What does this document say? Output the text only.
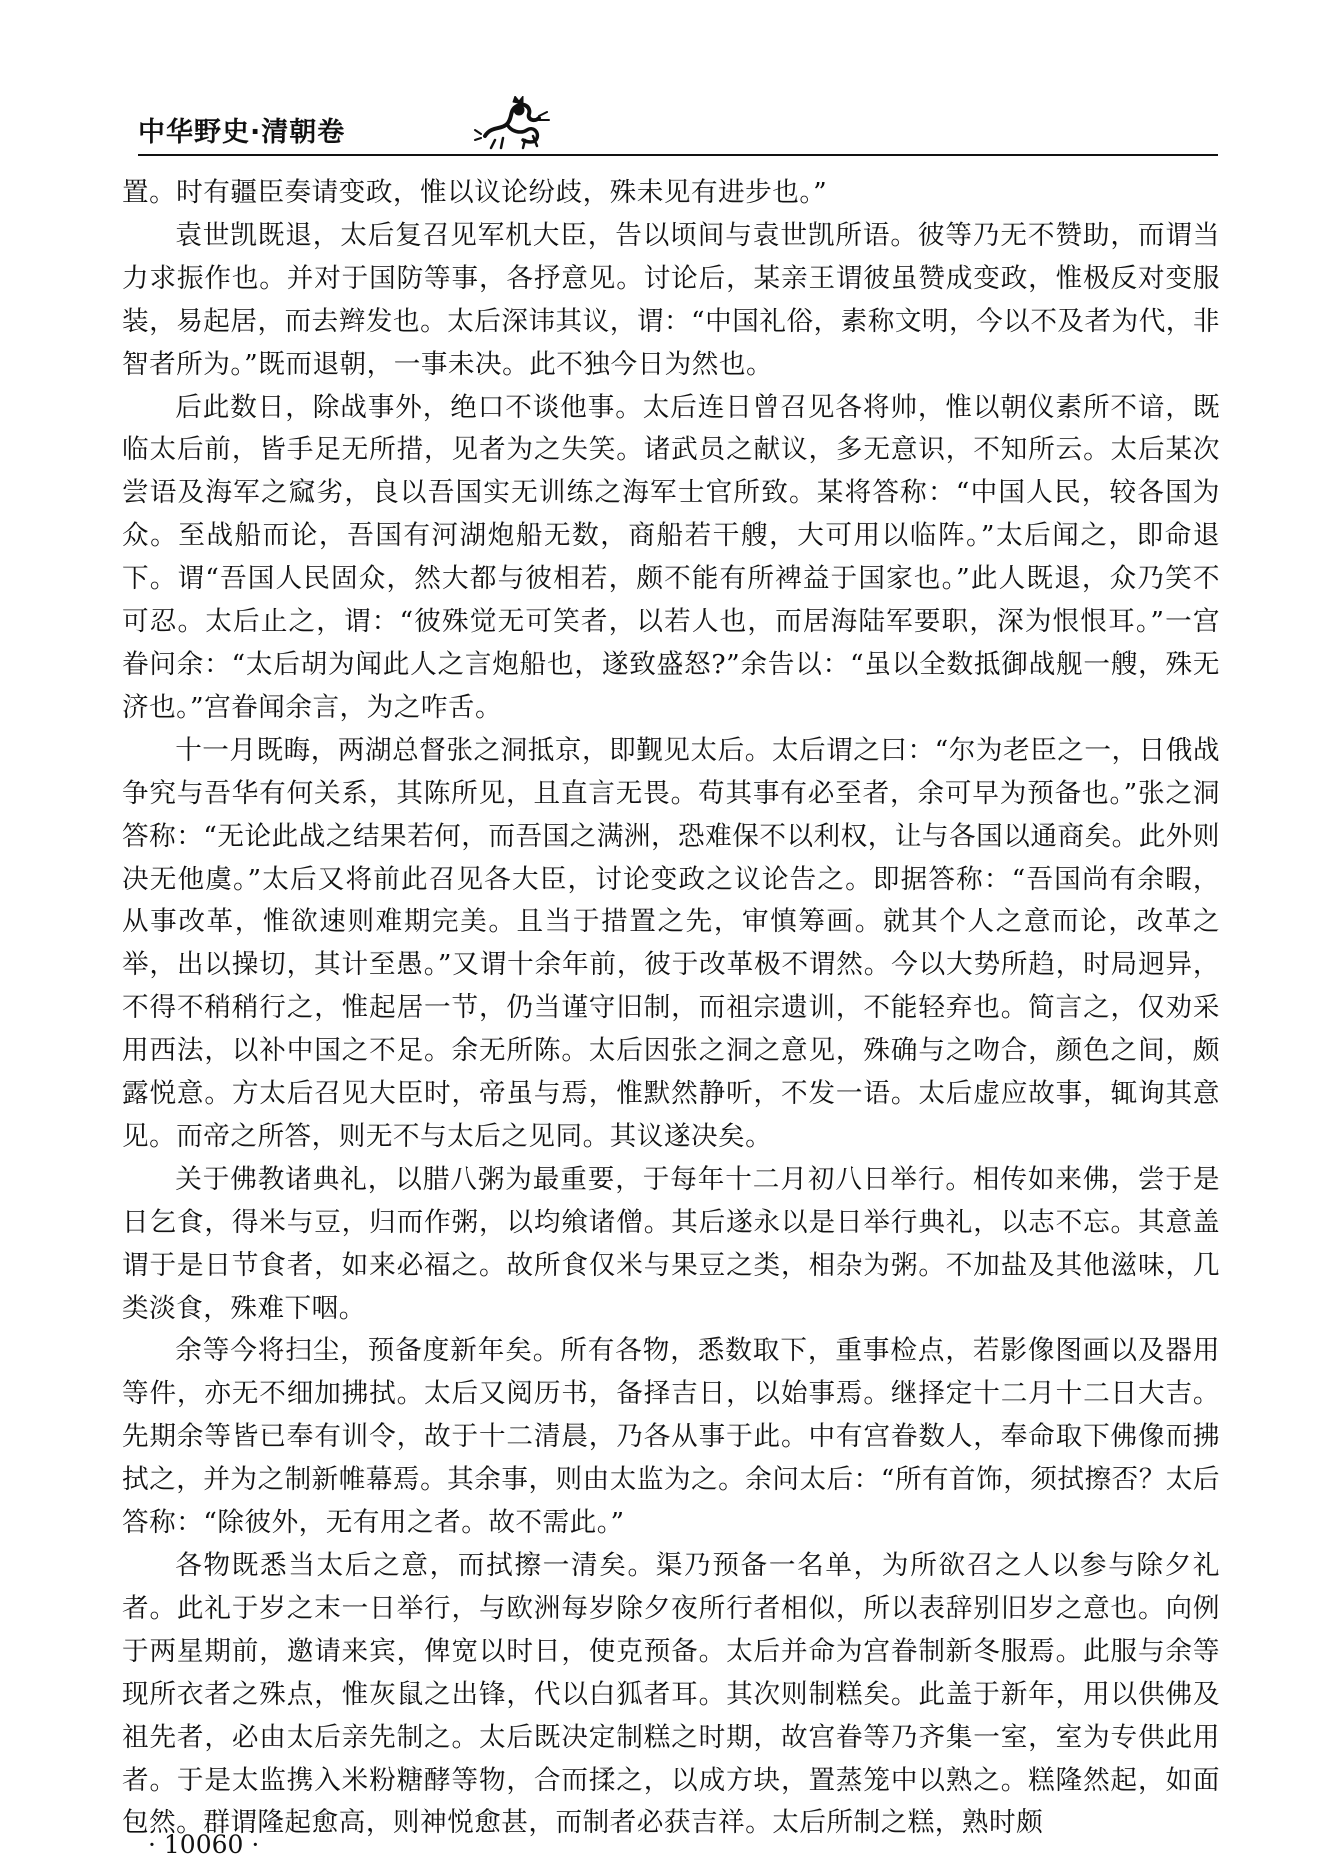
中华野史·清朝卷

置。时有疆臣奏请变政，惟以议论纷歧，殊未见有进步也。”

袁世凯既退，太后复召见军机大臣，告以顷间与袁世凯所语。彼等乃无不赞助，而谓当力求振作也。并对于国防等事，各抒意见。讨论后，某亲王谓彼虽赞成变政，惟极反对变服装，易起居，而去辫发也。太后深讳其议，谓：“中国礼俗，素称文明，今以不及者为代，非智者所为。”既而退朝，一事未决。此不独今日为然也。

后此数日，除战事外，绝口不谈他事。太后连日曾召见各将帅，惟以朝仪素所不谙，既临太后前，皆手足无所措，见者为之失笑。诸武员之献议，多无意识，不知所云。太后某次尝语及海军之窳劣，良以吾国实无训练之海军士官所致。某将答称：“中国人民，较各国为众。至战船而论，吾国有河湖炮船无数，商船若干艘，大可用以临阵。”太后闻之，即命退下。谓“吾国人民固众，然大都与彼相若，颇不能有所裨益于国家也。”此人既退，众乃笑不可忍。太后止之，谓：“彼殊觉无可笑者，以若人也，而居海陆军要职，深为恨恨耳。”一宫眷问余：“太后胡为闻此人之言炮船也，遂致盛怒?”余告以：“虽以全数抵御战舰一艘，殊无济也。”宫眷闻余言，为之咋舌。

十一月既晦，两湖总督张之洞抵京，即觐见太后。太后谓之曰：“尔为老臣之一，日俄战争究与吾华有何关系，其陈所见，且直言无畏。苟其事有必至者，余可早为预备也。”张之洞答称：“无论此战之结果若何，而吾国之满洲，恐难保不以利权，让与各国以通商矣。此外则决无他虞。”太后又将前此召见各大臣，讨论变政之议论告之。即据答称：“吾国尚有余暇，从事改革，惟欲速则难期完美。且当于措置之先，审慎筹画。就其个人之意而论，改革之举，出以操切，其计至愚。”又谓十余年前，彼于改革极不谓然。今以大势所趋，时局迥异，不得不稍稍行之，惟起居一节，仍当谨守旧制，而祖宗遗训，不能轻弃也。简言之，仅劝采用西法，以补中国之不足。余无所陈。太后因张之洞之意见，殊确与之吻合，颜色之间，颇露悦意。方太后召见大臣时，帝虽与焉，惟默然静听，不发一语。太后虚应故事，辄询其意见。而帝之所答，则无不与太后之见同。其议遂决矣。

关于佛教诸典礼，以腊八粥为最重要，于每年十二月初八日举行。相传如来佛，尝于是日乞食，得米与豆，归而作粥，以均飨诸僧。其后遂永以是日举行典礼，以志不忘。其意盖谓于是日节食者，如来必福之。故所食仅米与果豆之类，相杂为粥。不加盐及其他滋味，几类淡食，殊难下咽。

余等今将扫尘，预备度新年矣。所有各物，悉数取下，重事检点，若影像图画以及器用等件，亦无不细加拂拭。太后又阅历书，备择吉日，以始事焉。继择定十二月十二日大吉。先期余等皆已奉有训令，故于十二清晨，乃各从事于此。中有宫眷数人，奉命取下佛像而拂拭之，并为之制新帷幕焉。其余事，则由太监为之。余问太后：“所有首饰，须拭擦否？太后答称：“除彼外，无有用之者。故不需此。”

各物既悉当太后之意，而拭擦一清矣。渠乃预备一名单，为所欲召之人以参与除夕礼者。此礼于岁之末一日举行，与欧洲每岁除夕夜所行者相似，所以表辞别旧岁之意也。向例于两星期前，邀请来宾，俾宽以时日，使克预备。太后并命为宫眷制新冬服焉。此服与余等现所衣者之殊点，惟灰鼠之出锋，代以白狐者耳。其次则制糕矣。此盖于新年，用以供佛及祖先者，必由太后亲先制之。太后既决定制糕之时期，故宫眷等乃齐集一室，室为专供此用者。于是太监携入米粉糖酵等物，合而揉之，以成方块，置蒸笼中以熟之。糕隆然起，如面包然。群谓隆起愈高，则神悦愈甚，而制者必获吉祥。太后所制之糕，熟时颇

· 10060 ·
